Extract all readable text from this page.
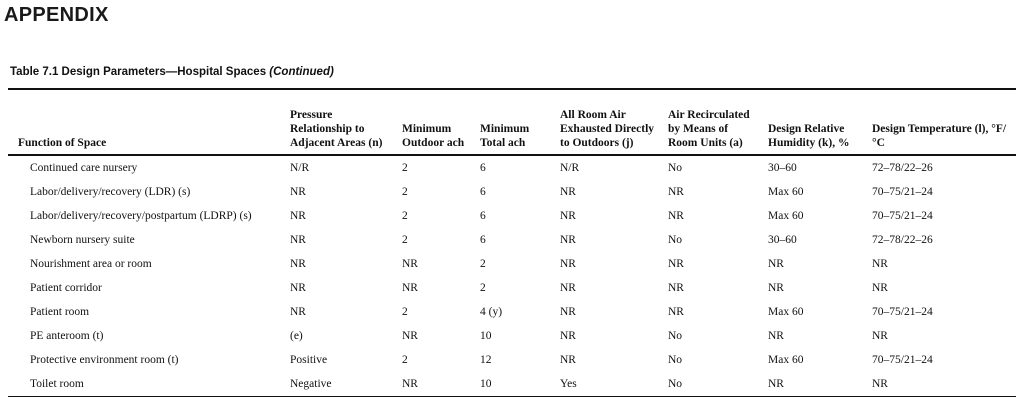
APPENDIX
Table 7.1 Design Parameters—Hospital Spaces (Continued)
Function of Space	Pressure Relationship to Adjacent Areas (n)	Minimum Outdoor ach	Minimum Total ach	All Room Air Exhausted Directly to Outdoors (j)	Air Recirculated by Means of Room Units (a)	Design Relative Humidity (k), %	Design Temperature (l), °F/°C
Continued care nursery	N/R	2	6	N/R	No	30–60	72–78/22–26
Labor/delivery/recovery (LDR) (s)	NR	2	6	NR	NR	Max 60	70–75/21–24
Labor/delivery/recovery/postpartum (LDRP) (s)	NR	2	6	NR	NR	Max 60	70–75/21–24
Newborn nursery suite	NR	2	6	NR	No	30–60	72–78/22–26
Nourishment area or room	NR	NR	2	NR	NR	NR	NR
Patient corridor	NR	NR	2	NR	NR	NR	NR
Patient room	NR	2	4 (y)	NR	NR	Max 60	70–75/21–24
PE anteroom (t)	(e)	NR	10	NR	No	NR	NR
Protective environment room (t)	Positive	2	12	NR	No	Max 60	70–75/21–24
Toilet room	Negative	NR	10	Yes	No	NR	NR
